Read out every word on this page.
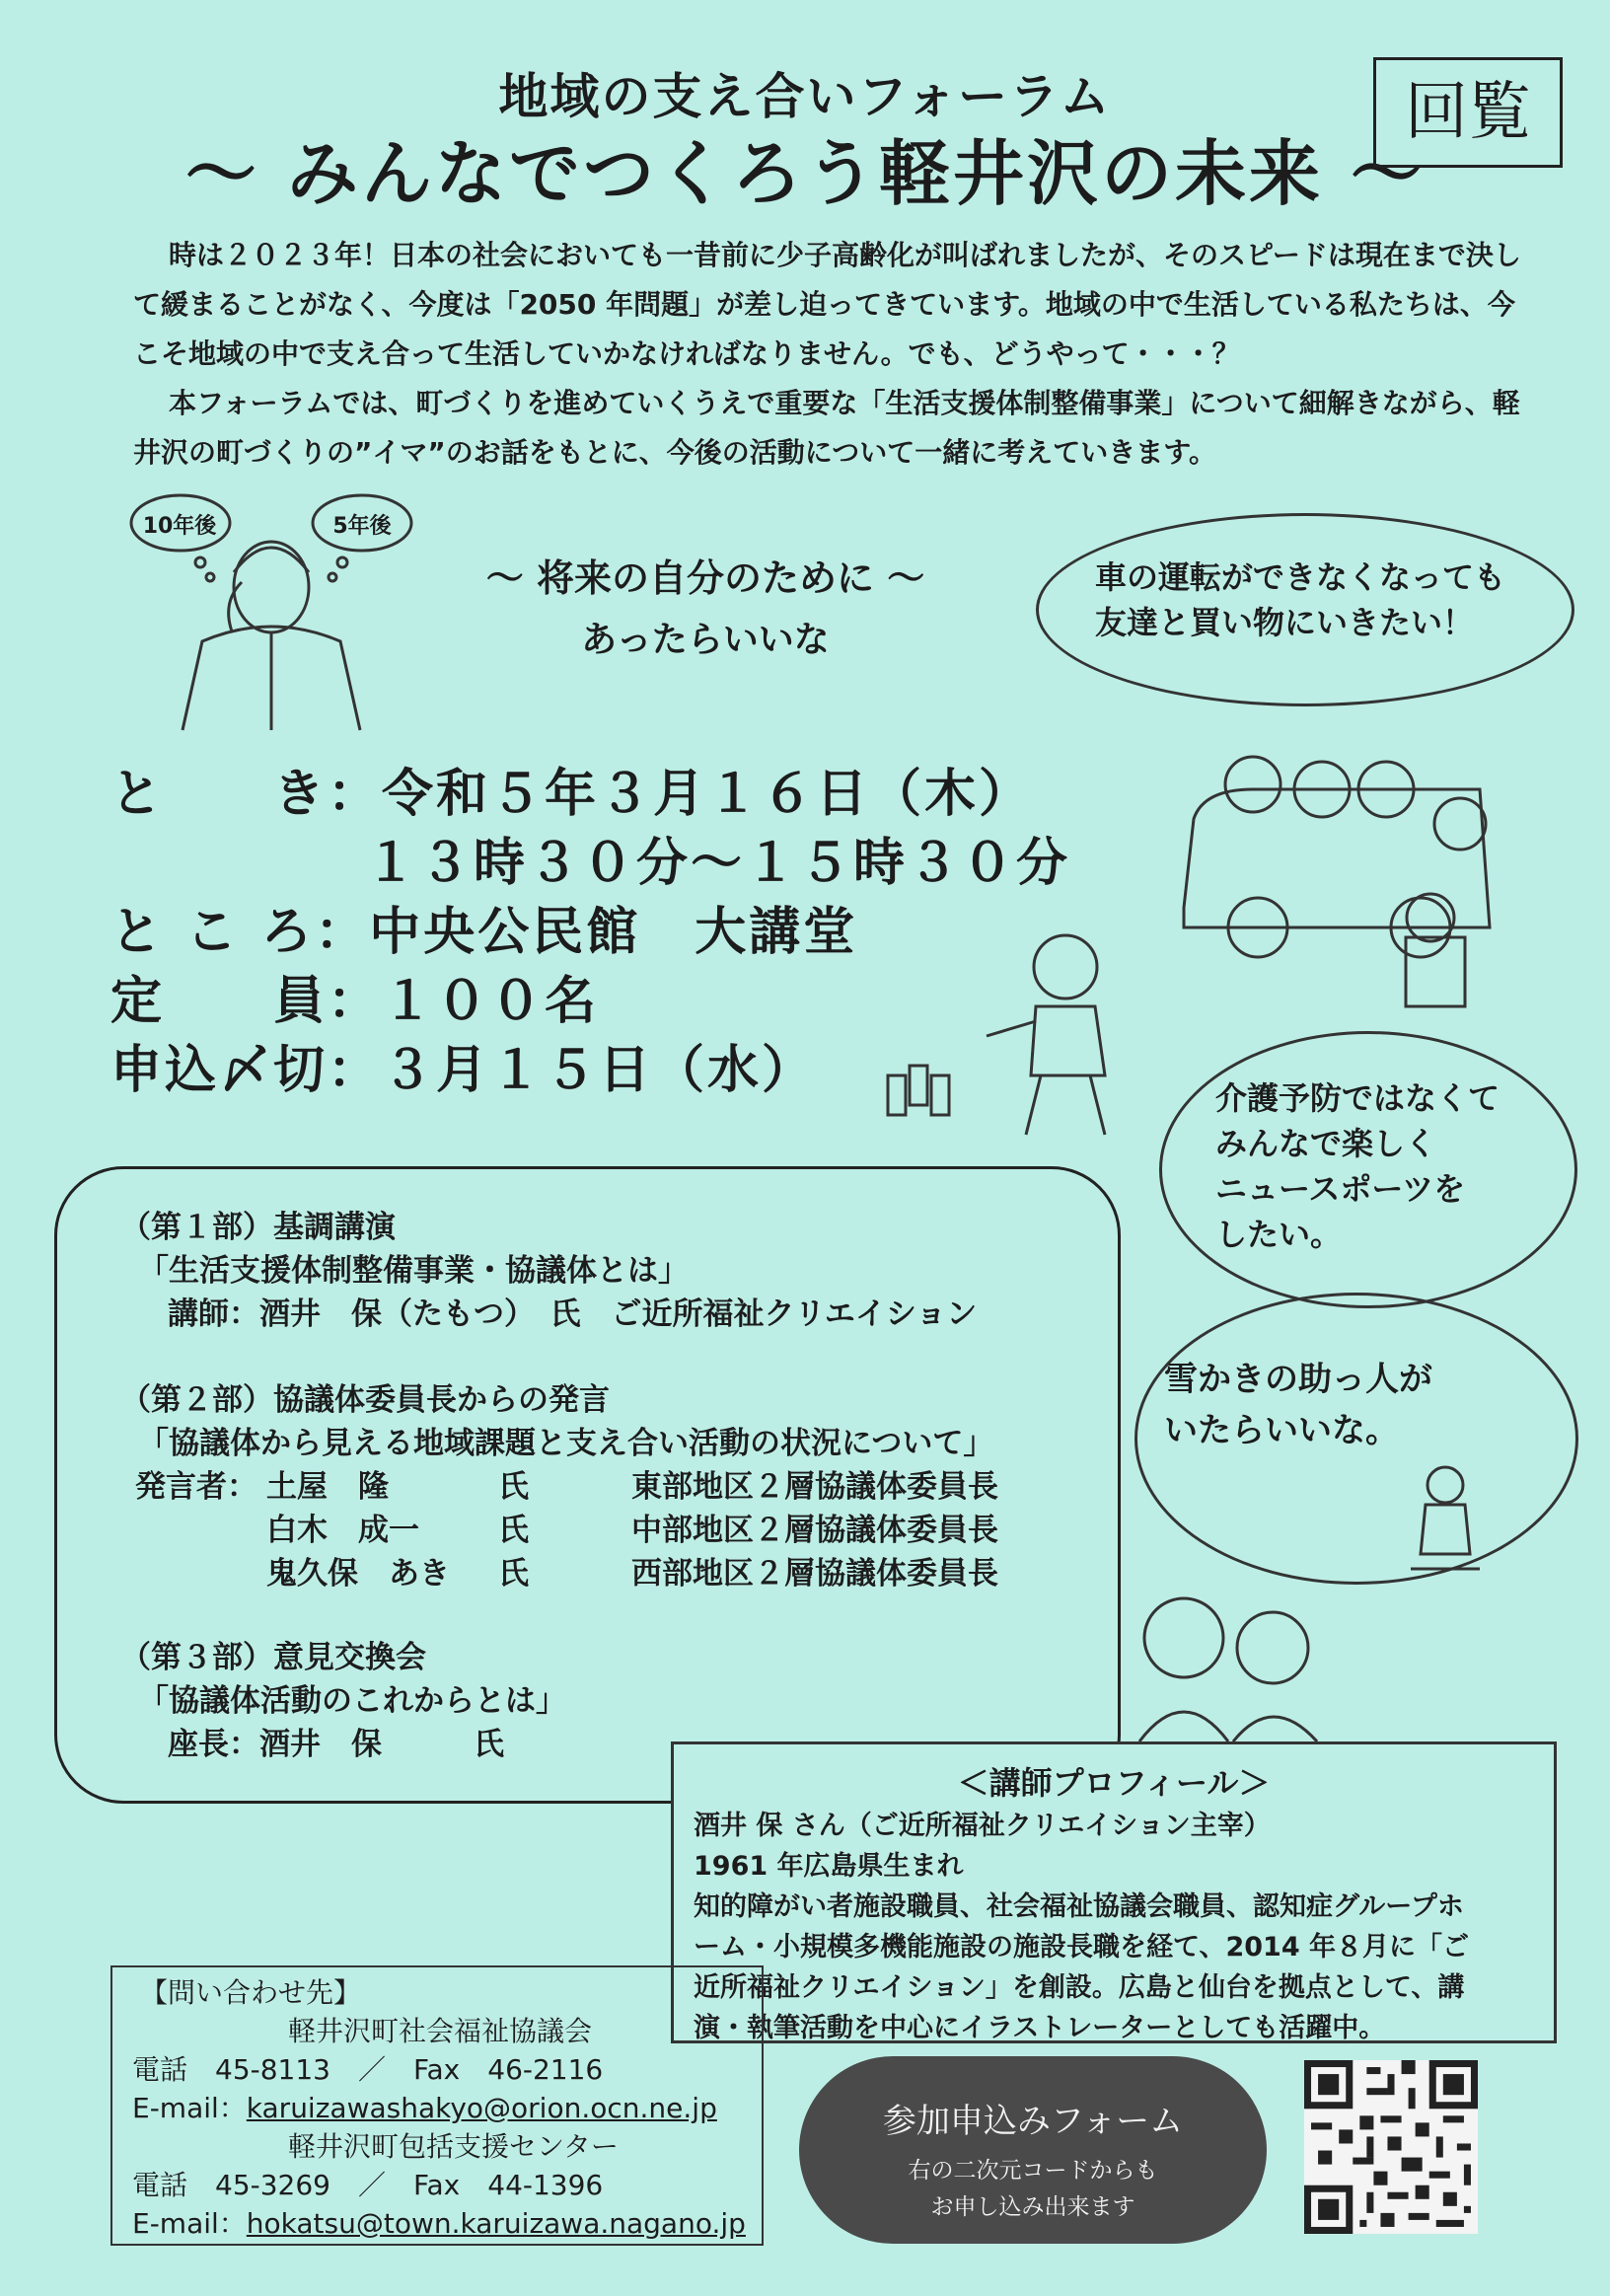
地域の支え合いフォーラム
～ みんなでつくろう軽井沢の未来 ～
回覧

時は２０２３年！日本の社会においても一昔前に少子高齢化が叫ばれましたが、そのスピードは現在まで決して緩まることがなく、今度は「2050 年問題」が差し迫ってきています。地域の中で生活している私たちは、今こそ地域の中で支え合って生活していかなければなりません。でも、どうやって・・・？

本フォーラムでは、町づくりを進めていくうえで重要な「生活支援体制整備事業」について細解きながら、軽井沢の町づくりの”イマ”のお話をもとに、今後の活動について一緒に考えていきます。

10年後	5年後
～ 将来の自分のために ～
あったらいいな
車の運転ができなくなっても
友達と買い物にいきたい！
と　　き：令和５年３月１６日（木）
１３時３０分～１５時３０分
と こ ろ：中央公民館　大講堂
定　　員：１００名
申込〆切：３月１５日（水）	介護予防ではなくて
みんなで楽しく
ニュースポーツを
したい。
（第１部）基調講演
「生活支援体制整備事業・協議体とは」
講師：酒井　保（たもつ）　氏　ご近所福祉クリエイション
（第２部）協議体委員長からの発言
「協議体から見える地域課題と支え合い活動の状況について」
発言者： 土屋　隆	氏	東部地区２層協議体委員長
白木　成一	氏	中部地区２層協議体委員長
鬼久保　あき 氏	西部地区２層協議体委員長
（第３部）意見交換会
「協議体活動のこれからとは」
座長：酒井　保　　　氏
雪かきの助っ人が
いたらいいな。
＜講師プロフィール＞
酒井 保 さん（ご近所福祉クリエイション主宰）
1961 年広島県生まれ
知的障がい者施設職員、社会福祉協議会職員、認知症グループホ
ーム・小規模多機能施設の施設長職を経て、2014 年８月に「ご
近所福祉クリエイション」を創設。広島と仙台を拠点として、講
演・執筆活動を中心にイラストレーターとしても活躍中。
【問い合わせ先】
軽井沢町社会福祉協議会
電話　45-8113　／　Fax　46-2116
E-mail：karuizawashakyo@orion.ocn.ne.jp
軽井沢町包括支援センター
電話　45-3269　／　Fax　44-1396
E-mail：hokatsu@town.karuizawa.nagano.jp
参加申込みフォーム
右の二次元コードからも
お申し込み出来ます
